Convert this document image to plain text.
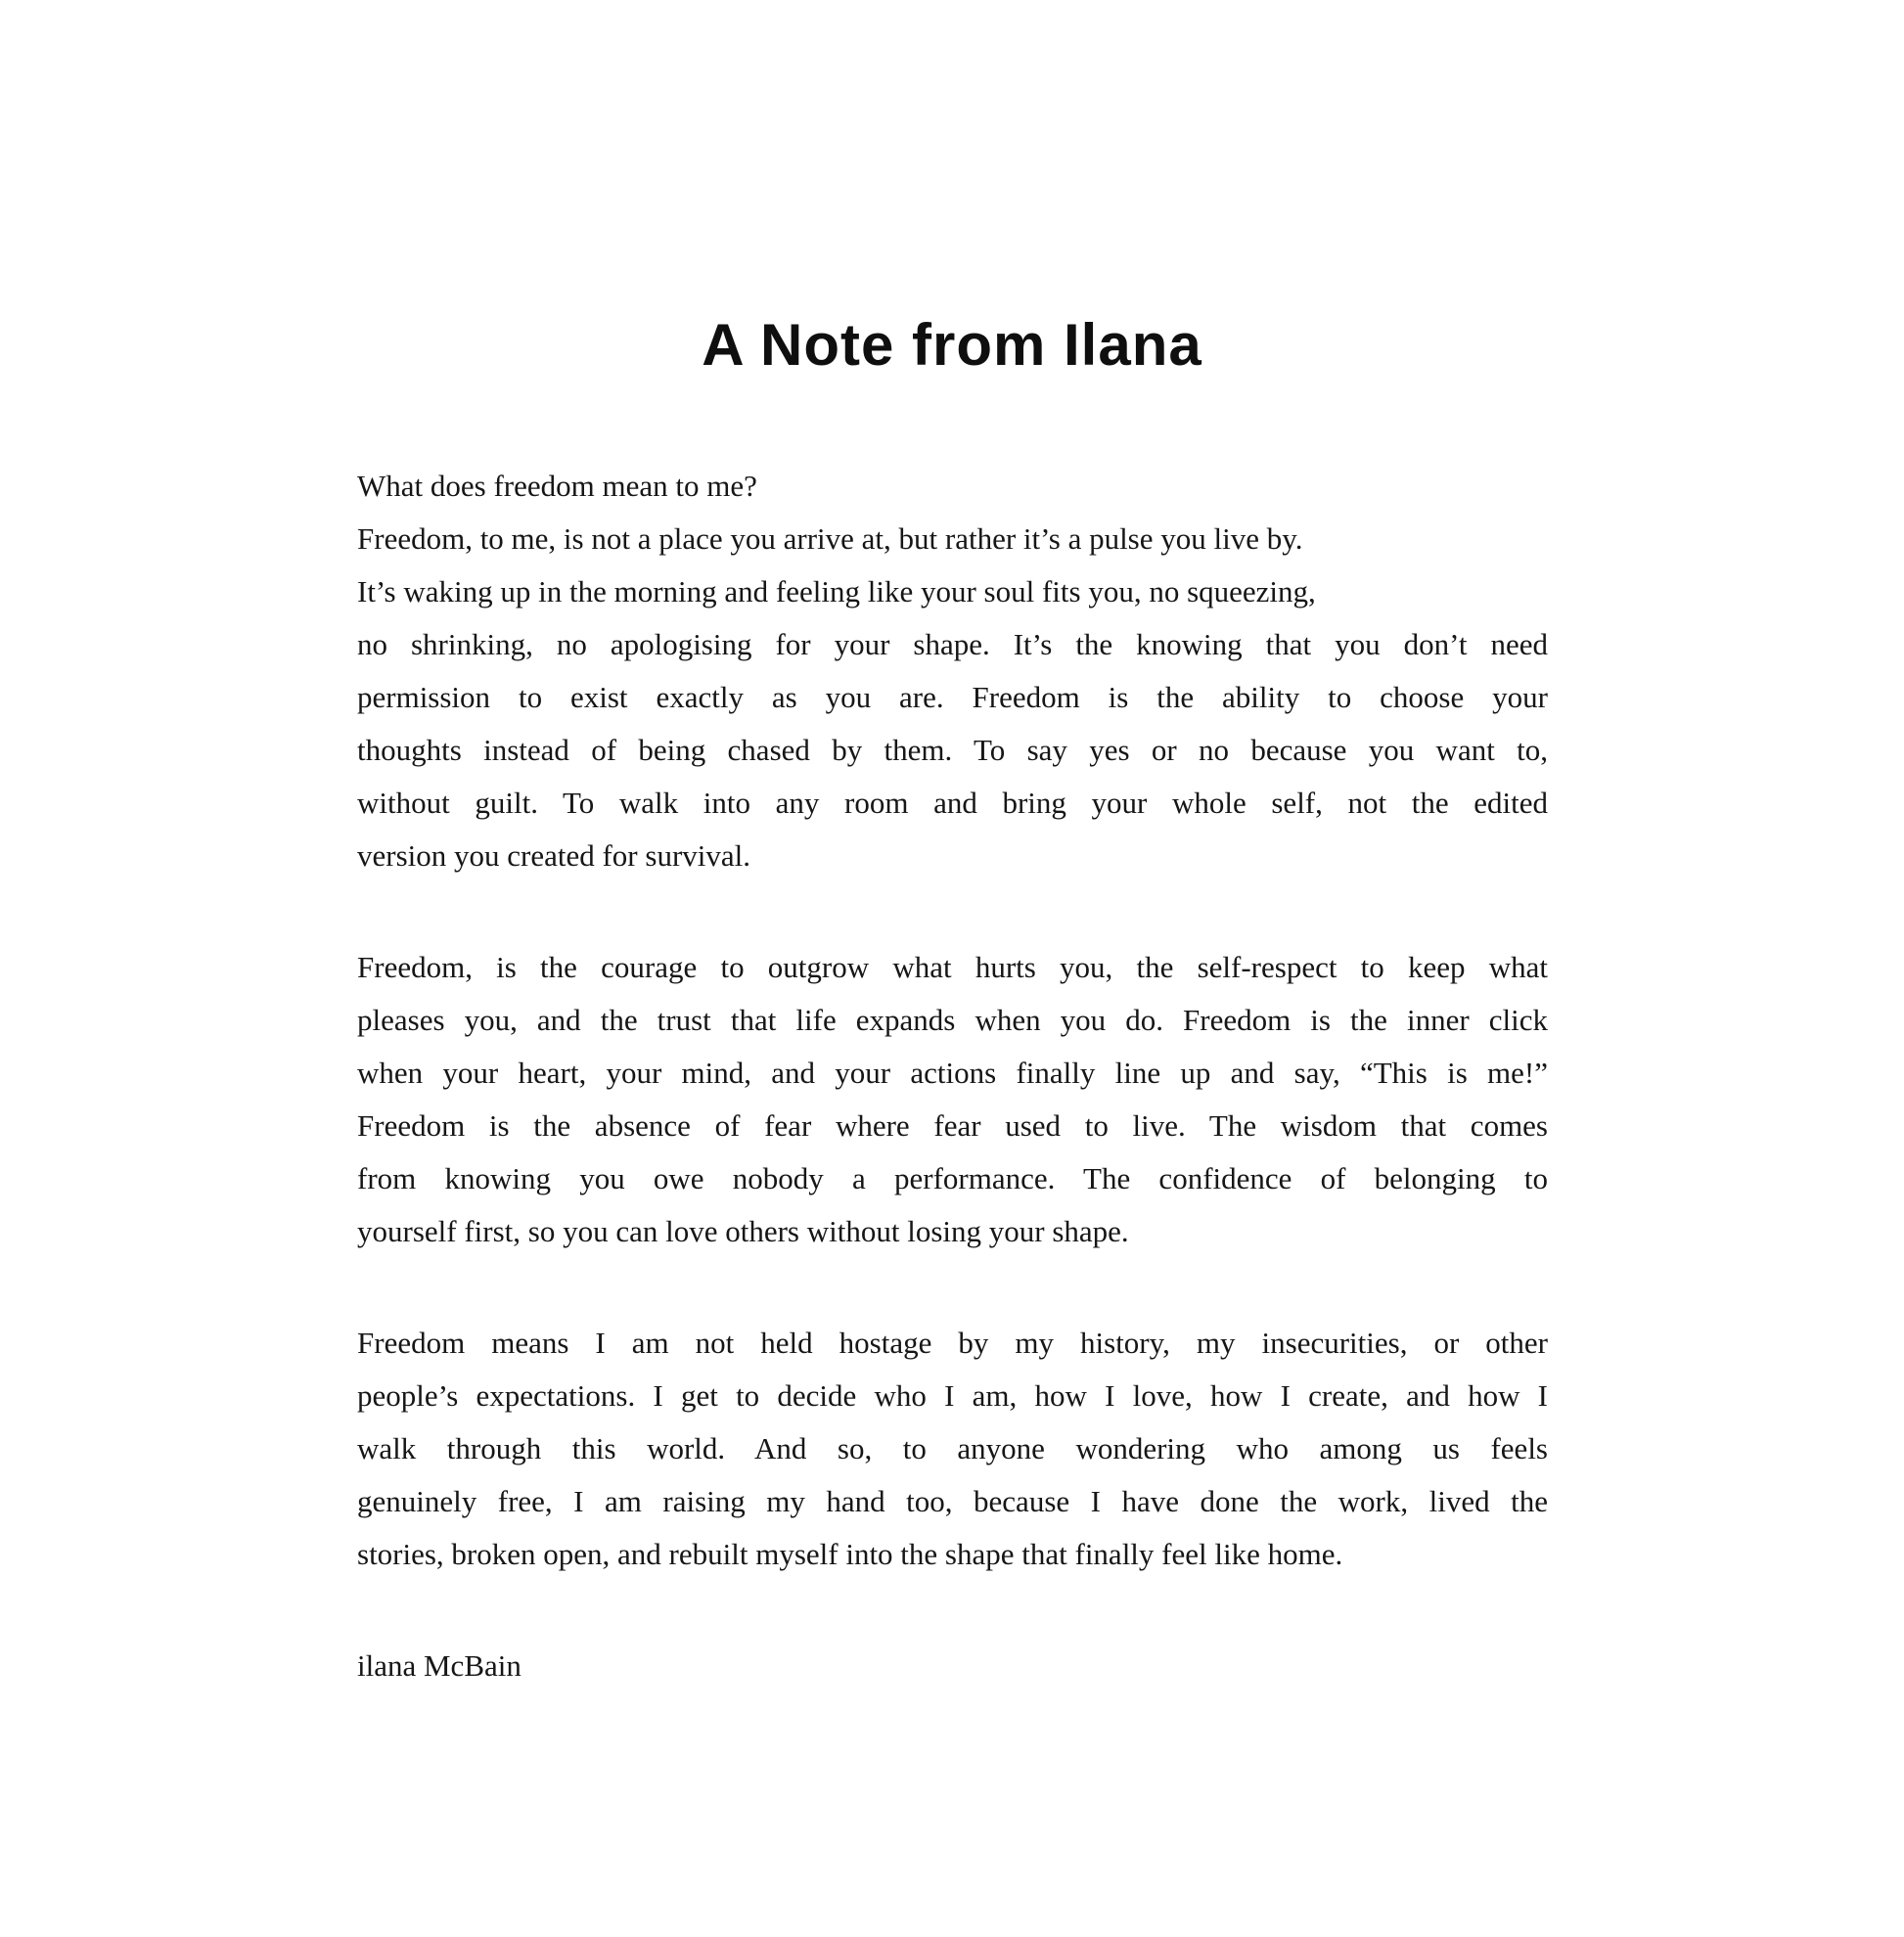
A Note from Ilana
What does freedom mean to me?
Freedom, to me, is not a place you arrive at, but rather it’s a pulse you live by.
It’s waking up in the morning and feeling like your soul fits you, no squeezing,
no shrinking, no apologising for your shape. It’s the knowing that you don’t need
permission to exist exactly as you are. Freedom is the ability to choose your
thoughts instead of being chased by them. To say yes or no because you want to,
without guilt. To walk into any room and bring your whole self, not the edited
version you created for survival.
Freedom, is the courage to outgrow what hurts you, the self-respect to keep what
pleases you, and the trust that life expands when you do. Freedom is the inner click
when your heart, your mind, and your actions finally line up and say, “This is me!”
Freedom is the absence of fear where fear used to live. The wisdom that comes
from knowing you owe nobody a performance. The confidence of belonging to
yourself first, so you can love others without losing your shape.
Freedom means I am not held hostage by my history, my insecurities, or other
people’s expectations. I get to decide who I am, how I love, how I create, and how I
walk through this world. And so, to anyone wondering who among us feels
genuinely free, I am raising my hand too, because I have done the work, lived the
stories, broken open, and rebuilt myself into the shape that finally feel like home.
ilana McBain
